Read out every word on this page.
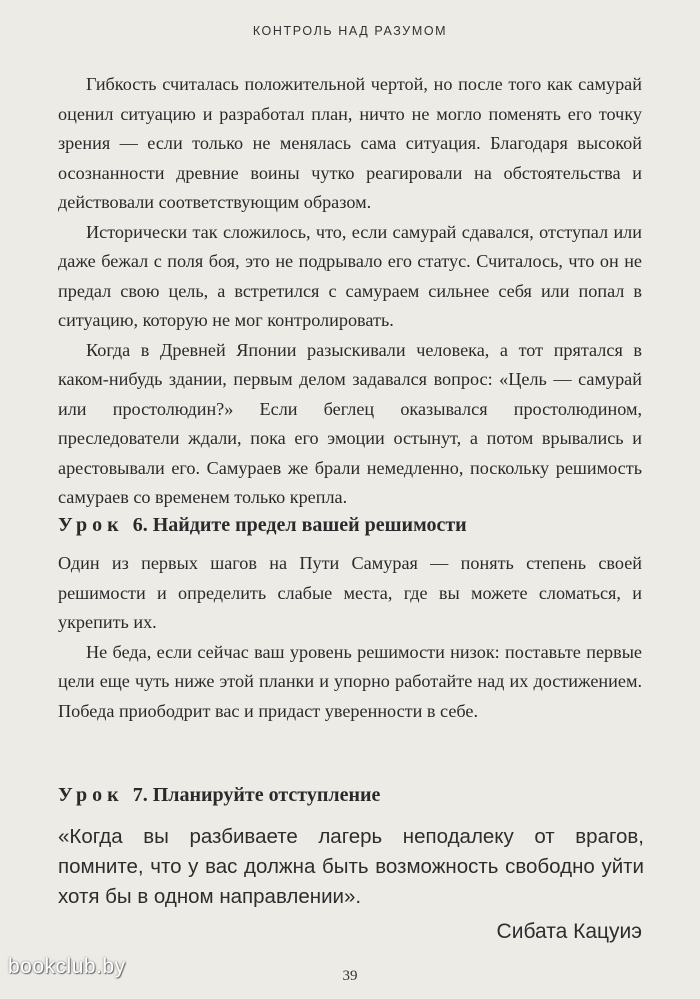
КОНТРОЛЬ НАД РАЗУМОМ

Гибкость считалась положительной чертой, но после того как самурай оценил ситуацию и разработал план, ничто не могло поменять его точку зрения — если только не менялась сама ситуация. Благодаря высокой осознанности древние воины чутко реагировали на обстоятельства и действовали соответствующим образом.

Исторически так сложилось, что, если самурай сдавался, отступал или даже бежал с поля боя, это не подрывало его статус. Считалось, что он не предал свою цель, а встретился с самураем сильнее себя или попал в ситуацию, которую не мог контролировать.

Когда в Древней Японии разыскивали человека, а тот прятался в каком-нибудь здании, первым делом задавался вопрос: «Цель — самурай или простолюдин?» Если беглец оказывался простолюдином, преследователи ждали, пока его эмоции остынут, а потом врывались и арестовывали его. Самураев же брали немедленно, поскольку решимость самураев со временем только крепла.

Урок 6. Найдите предел вашей решимости

Один из первых шагов на Пути Самурая — понять степень своей решимости и определить слабые места, где вы можете сломаться, и укрепить их.

Не беда, если сейчас ваш уровень решимости низок: поставьте первые цели еще чуть ниже этой планки и упорно работайте над их достижением. Победа приободрит вас и придаст уверенности в себе.

Урок 7. Планируйте отступление

«Когда вы разбиваете лагерь неподалеку от врагов, помните, что у вас должна быть возможность свободно уйти хотя бы в одном направлении».

Сибата Кацуиэ
39
bookclub.by
